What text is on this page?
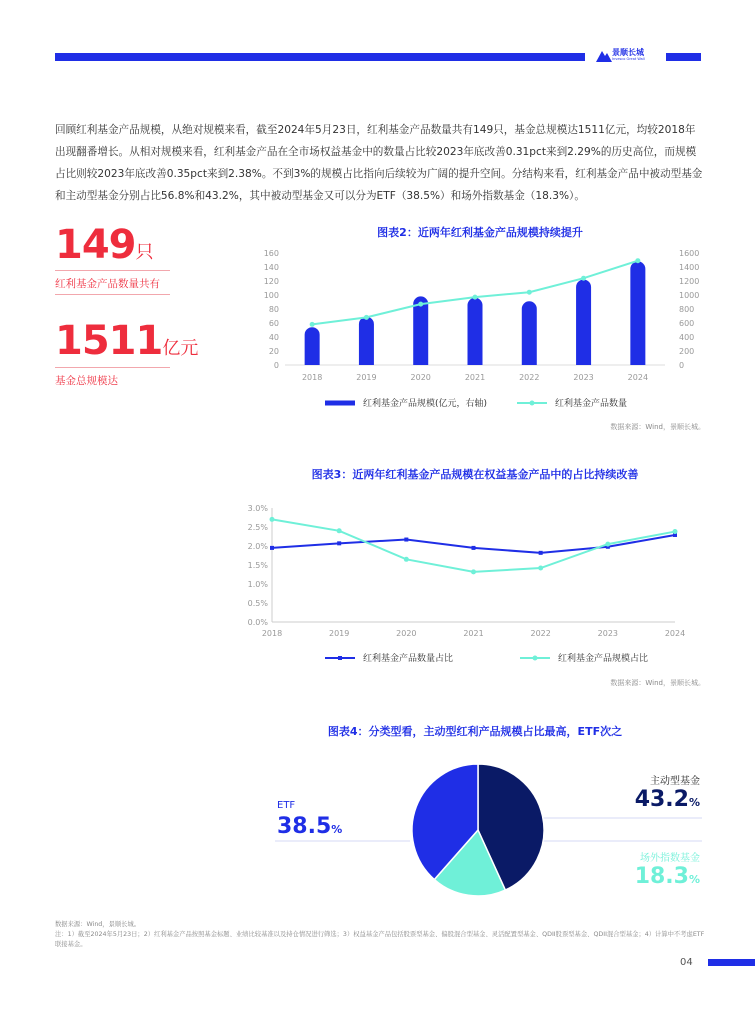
景顺长城
Invesco Great Wall
回顾红利基金产品规模，从绝对规模来看，截至2024年5月23日，红利基金产品数量共有149只，基金总规模达1511亿元，均较2018年出现翻番增长。从相对规模来看，红利基金产品在全市场权益基金中的数量占比较2023年底改善0.31pct来到2.29%的历史高位，而规模占比则较2023年底改善0.35pct来到2.38%。不到3%的规模占比指向后续较为广阔的提升空间。分结构来看，红利基金产品中被动型基金和主动型基金分别占比56.8%和43.2%，其中被动型基金又可以分为ETF（38.5%）和场外指数基金（18.3%）。
149只
红利基金产品数量共有
1511亿元
基金总规模达
图表2：近两年红利基金产品规模持续提升
0
20
40
60
80
100
120
140
160
0
200
400
600
800
1000
1200
1400
1600
2018	2019	2020	2021	2022	2023	2024
红利基金产品规模(亿元，右轴)	红利基金产品数量
数据来源：Wind，景顺长城。
图表3：近两年红利基金产品规模在权益基金产品中的占比持续改善
0.0%
0.5%
1.0%
1.5%
2.0%
2.5%
3.0%
2018	2019	2020	2021	2022	2023	2024
红利基金产品数量占比	红利基金产品规模占比
数据来源：Wind，景顺长城。
图表4：分类型看，主动型红利产品规模占比最高，ETF次之
ETF
38.5%
主动型基金
43.2%
场外指数基金
18.3%
数据来源：Wind，景顺长城。
注：1）截至2024年5月23日；2）红利基金产品按照基金标题、业绩比较基准以及持仓情况进行筛选；3）权益基金产品包括股票型基金、偏股混合型基金、灵活配置型基金、QDII股票型基金、QDII混合型基金；4）计算中不考虑ETF联接基金。
04
